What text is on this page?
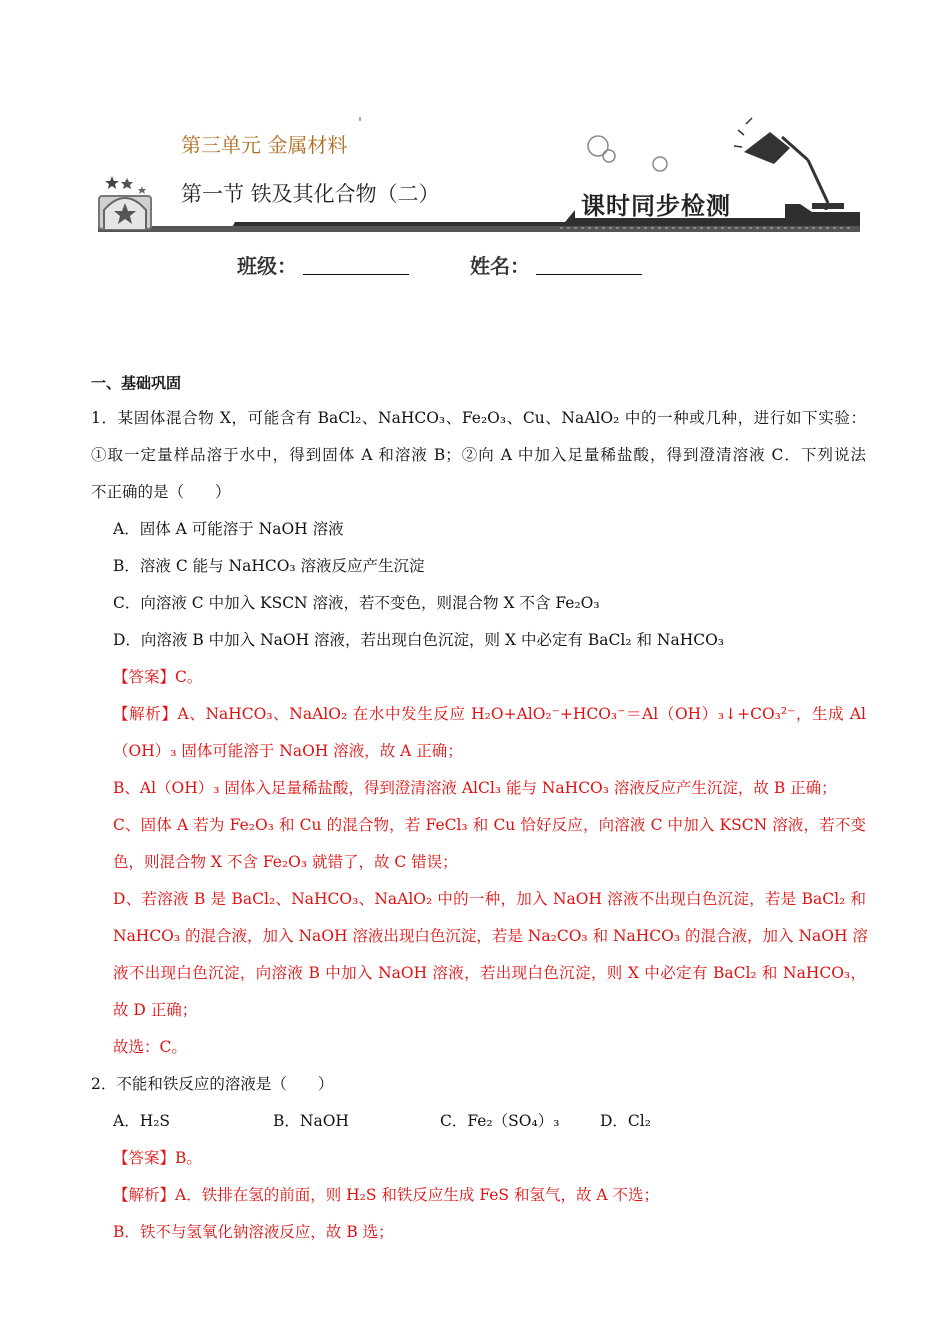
第三单元 金属材料
第一节 铁及其化合物（二）	课时同步检测
班级：	姓名：
一、基础巩固
1．某固体混合物 X，可能含有 BaCl₂、NaHCO₃、Fe₂O₃、Cu、NaAlO₂ 中的一种或几种，进行如下实验：
①取一定量样品溶于水中，得到固体 A 和溶液 B；②向 A 中加入足量稀盐酸，得到澄清溶液 C．下列说法
不正确的是（　　）
A．固体 A 可能溶于 NaOH 溶液
B．溶液 C 能与 NaHCO₃ 溶液反应产生沉淀
C．向溶液 C 中加入 KSCN 溶液，若不变色，则混合物 X 不含 Fe₂O₃
D．向溶液 B 中加入 NaOH 溶液，若出现白色沉淀，则 X 中必定有 BaCl₂ 和 NaHCO₃
【答案】C。
【解析】A、NaHCO₃、NaAlO₂ 在水中发生反应 H₂O+AlO₂⁻+HCO₃⁻＝Al（OH）₃↓+CO₃²⁻，生成 Al
（OH）₃ 固体可能溶于 NaOH 溶液，故 A 正确；
B、Al（OH）₃ 固体入足量稀盐酸，得到澄清溶液 AlCl₃ 能与 NaHCO₃ 溶液反应产生沉淀，故 B 正确；
C、固体 A 若为 Fe₂O₃ 和 Cu 的混合物，若 FeCl₃ 和 Cu 恰好反应，向溶液 C 中加入 KSCN 溶液，若不变
色，则混合物 X 不含 Fe₂O₃ 就错了，故 C 错误；
D、若溶液 B 是 BaCl₂、NaHCO₃、NaAlO₂ 中的一种，加入 NaOH 溶液不出现白色沉淀，若是 BaCl₂ 和
NaHCO₃ 的混合液，加入 NaOH 溶液出现白色沉淀，若是 Na₂CO₃ 和 NaHCO₃ 的混合液，加入 NaOH 溶
液不出现白色沉淀，向溶液 B 中加入 NaOH 溶液，若出现白色沉淀，则 X 中必定有 BaCl₂ 和 NaHCO₃，
故 D 正确；
故选：C。
2．不能和铁反应的溶液是（　　）
A．H₂S	B．NaOH	C．Fe₂（SO₄）₃	D．Cl₂
【答案】B。
【解析】A．铁排在氢的前面，则 H₂S 和铁反应生成 FeS 和氢气，故 A 不选；
B．铁不与氢氧化钠溶液反应，故 B 选；
